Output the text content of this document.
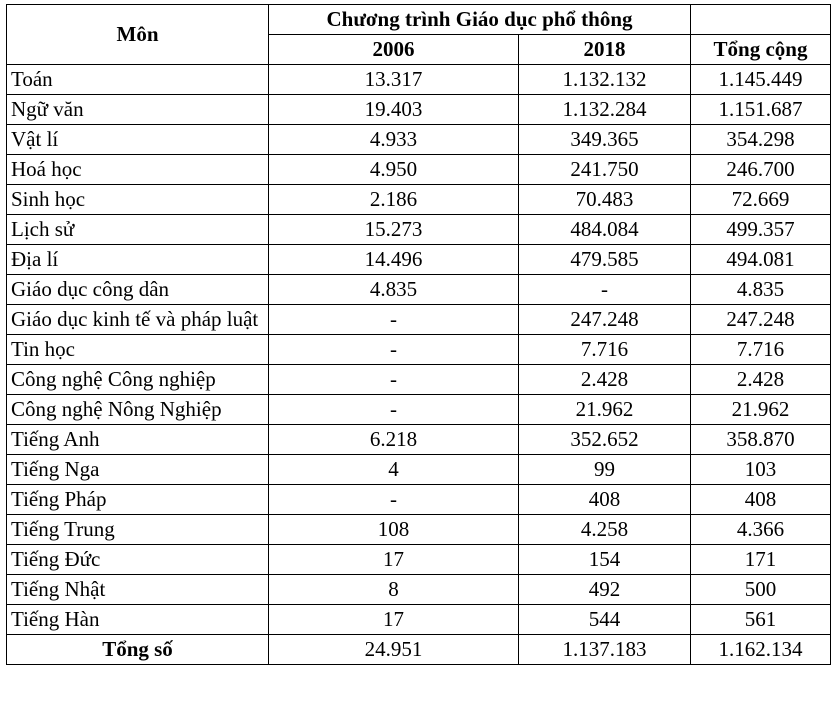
Môn	Chương trình Giáo dục phổ thông		
	2006	2018	Tổng cộng
Toán	13.317	1.132.132	1.145.449
Ngữ văn	19.403	1.132.284	1.151.687
Vật lí	4.933	349.365	354.298
Hoá học	4.950	241.750	246.700
Sinh học	2.186	70.483	72.669
Lịch sử	15.273	484.084	499.357
Địa lí	14.496	479.585	494.081
Giáo dục công dân	4.835	-	4.835
Giáo dục kinh tế và pháp luật	-	247.248	247.248
Tin học	-	7.716	7.716
Công nghệ Công nghiệp	-	2.428	2.428
Công nghệ Nông Nghiệp	-	21.962	21.962
Tiếng Anh	6.218	352.652	358.870
Tiếng Nga	4	99	103
Tiếng Pháp	-	408	408
Tiếng Trung	108	4.258	4.366
Tiếng Đức	17	154	171
Tiếng Nhật	8	492	500
Tiếng Hàn	17	544	561
Tổng số	24.951	1.137.183	1.162.134
